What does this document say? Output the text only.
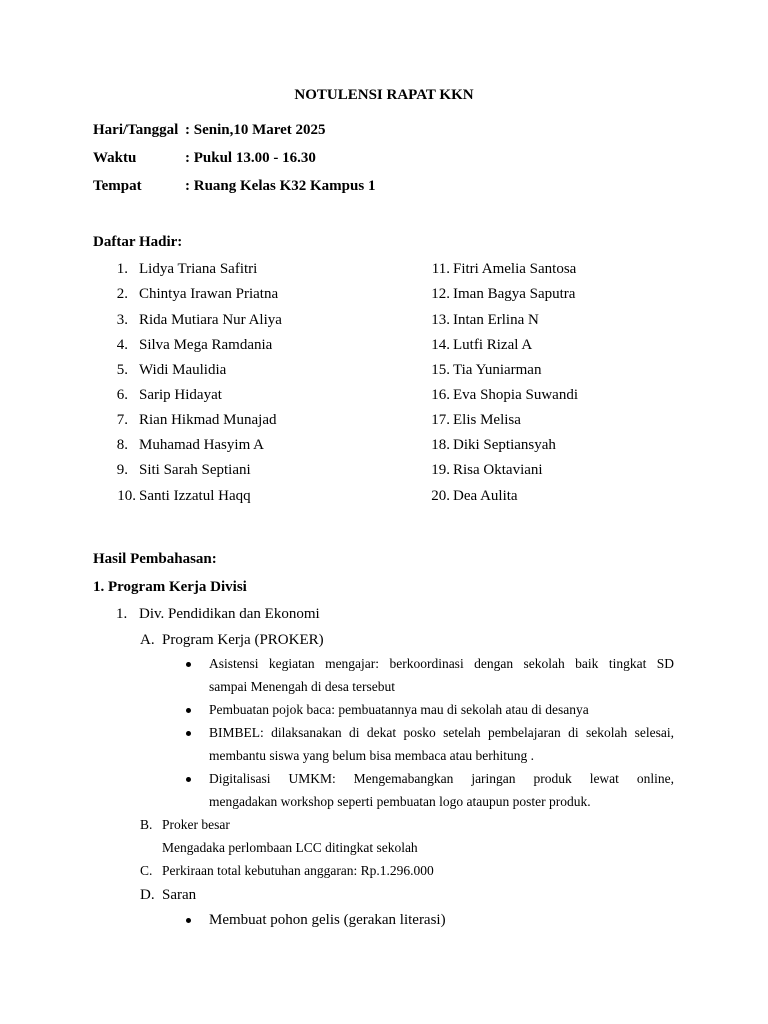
NOTULENSI RAPAT KKN
Hari/Tanggal : Senin,10 Maret 2025
Waktu	: Pukul 13.00 - 16.30
Tempat	: Ruang Kelas K32 Kampus 1
Daftar Hadir:
1. Lidya Triana Safitri
2. Chintya Irawan Priatna
3. Rida Mutiara Nur Aliya
4. Silva Mega Ramdania
5. Widi Maulidia
6. Sarip Hidayat
7. Rian Hikmad Munajad
8. Muhamad Hasyim A
9. Siti Sarah Septiani
10. Santi Izzatul Haqq
11. Fitri Amelia Santosa
12. Iman Bagya Saputra
13. Intan Erlina N
14. Lutfi Rizal A
15. Tia Yuniarman
16. Eva Shopia Suwandi
17. Elis Melisa
18. Diki Septiansyah
19. Risa Oktaviani
20. Dea Aulita
Hasil Pembahasan:
1. Program Kerja Divisi
1. Div. Pendidikan dan Ekonomi
A. Program Kerja (PROKER)
Asistensi kegiatan mengajar: berkoordinasi dengan sekolah baik tingkat SD
sampai Menengah di desa tersebut
Pembuatan pojok baca: pembuatannya mau di sekolah atau di desanya
BIMBEL: dilaksanakan di dekat posko setelah pembelajaran di sekolah selesai,
membantu siswa yang belum bisa membaca atau berhitung .
Digitalisasi UMKM: Mengemabangkan jaringan produk lewat online,
mengadakan workshop seperti pembuatan logo ataupun poster produk.
B. Proker besar
Mengadaka perlombaan LCC ditingkat sekolah
C. Perkiraan total kebutuhan anggaran: Rp.1.296.000
D. Saran
Membuat pohon gelis (gerakan literasi)
